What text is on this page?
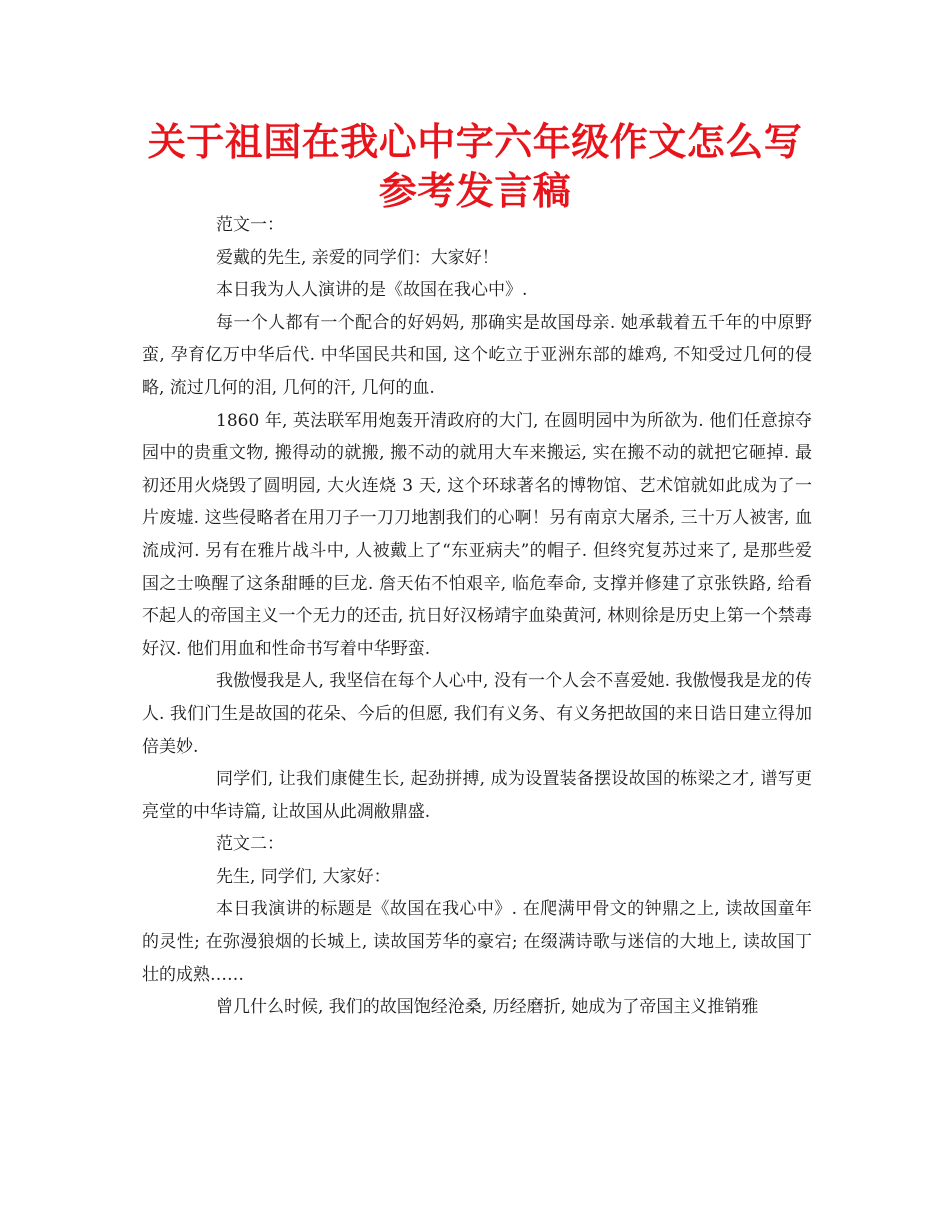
关于祖国在我心中字六年级作文怎么写参考发言稿

范文一：

爱戴的先生, 亲爱的同学们：大家好！

本日我为人人演讲的是《故国在我心中》.

每一个人都有一个配合的好妈妈, 那确实是故国母亲. 她承载着五千年的中原野蛮, 孕育亿万中华后代. 中华国民共和国, 这个屹立于亚洲东部的雄鸡, 不知受过几何的侵略, 流过几何的泪, 几何的汗, 几何的血.

1860 年, 英法联军用炮轰开清政府的大门, 在圆明园中为所欲为. 他们任意掠夺园中的贵重文物, 搬得动的就搬, 搬不动的就用大车来搬运, 实在搬不动的就把它砸掉. 最初还用火烧毁了圆明园, 大火连烧 3 天, 这个环球著名的博物馆、艺术馆就如此成为了一片废墟. 这些侵略者在用刀子一刀刀地割我们的心啊！另有南京大屠杀, 三十万人被害, 血流成河. 另有在雅片战斗中, 人被戴上了“东亚病夫”的帽子. 但终究复苏过来了, 是那些爱国之士唤醒了这条甜睡的巨龙. 詹天佑不怕艰辛, 临危奉命, 支撑并修建了京张铁路, 给看不起人的帝国主义一个无力的还击, 抗日好汉杨靖宇血染黄河, 林则徐是历史上第一个禁毒好汉. 他们用血和性命书写着中华野蛮.

我傲慢我是人, 我坚信在每个人心中, 没有一个人会不喜爱她. 我傲慢我是龙的传人. 我们门生是故国的花朵、今后的但愿, 我们有义务、有义务把故国的来日诰日建立得加倍美妙.

同学们, 让我们康健生长, 起劲拼搏, 成为设置装备摆设故国的栋梁之才, 谱写更亮堂的中华诗篇, 让故国从此凋敝鼎盛.

范文二：

先生, 同学们, 大家好：

本日我演讲的标题是《故国在我心中》. 在爬满甲骨文的钟鼎之上, 读故国童年的灵性; 在弥漫狼烟的长城上, 读故国芳华的豪宕; 在缀满诗歌与迷信的大地上, 读故国丁壮的成熟……

曾几什么时候, 我们的故国饱经沧桑, 历经磨折, 她成为了帝国主义推销雅
